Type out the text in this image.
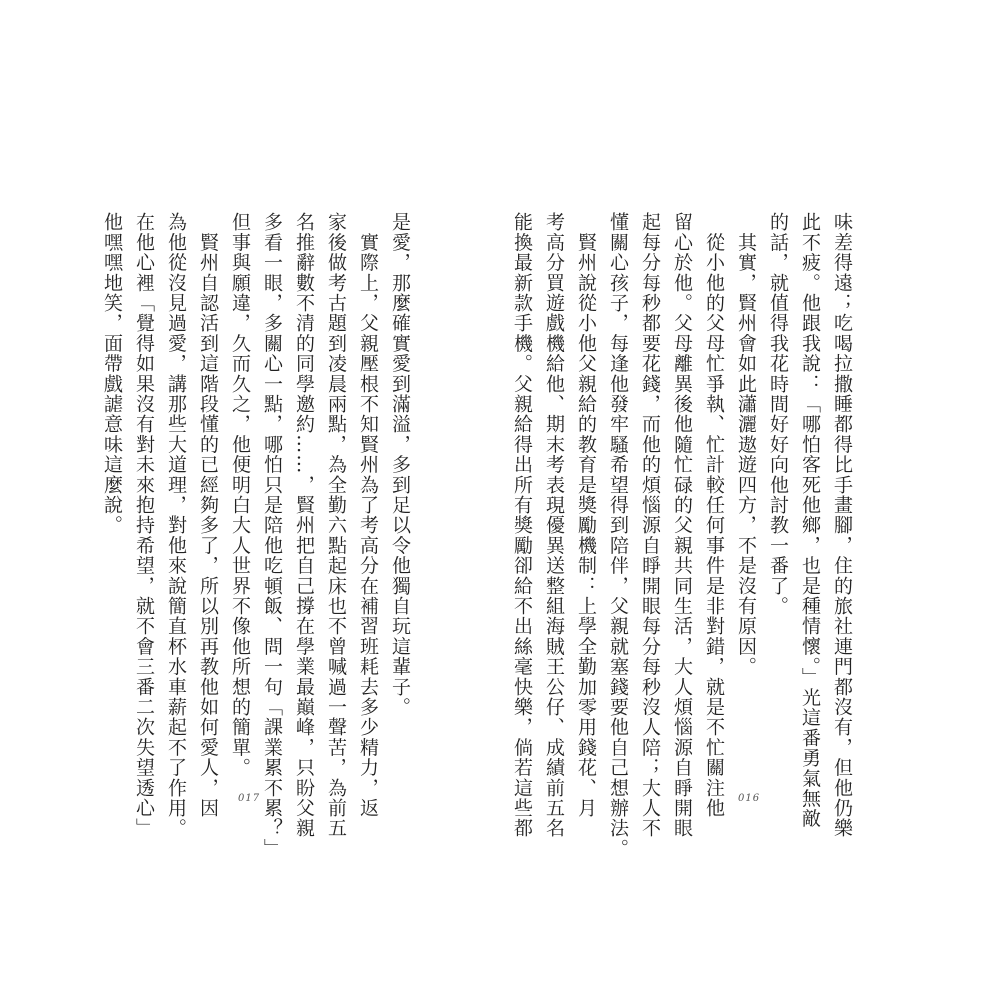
味差得遠；吃喝拉撒睡都得比手畫腳，住的旅社連門都沒有，但他仍樂
此不疲。他跟我說：「哪怕客死他鄉，也是種情懷。」光這番勇氣無敵
的話，就值得我花時間好好向他討教一番了。
　其實，賢州會如此瀟灑遨遊四方，不是沒有原因。
　從小他的父母忙爭執、忙計較任何事件是非對錯，就是不忙關注他
留心於他。父母離異後他隨忙碌的父親共同生活，大人煩惱源自睜開眼
起每分每秒都要花錢，而他的煩惱源自睜開眼每分每秒沒人陪；大人不
懂關心孩子，每逢他發牢騷希望得到陪伴，父親就塞錢要他自己想辦法。
　賢州說從小他父親給的教育是獎勵機制：上學全勤加零用錢花、月
考高分買遊戲機給他、期末考表現優異送整組海賊王公仔、成績前五名
能換最新款手機。父親給得出所有獎勵卻給不出絲毫快樂，倘若這些都	016
是愛，那麼確實愛到滿溢，多到足以令他獨自玩這輩子。
　實際上，父親壓根不知賢州為了考高分在補習班耗去多少精力，返
家後做考古題到凌晨兩點，為全勤六點起床也不曾喊過一聲苦，為前五
名推辭數不清的同學邀約……，賢州把自己撐在學業最巔峰，只盼父親
多看一眼，多關心一點，哪怕只是陪他吃頓飯、問一句「課業累不累？」
但事與願違，久而久之，他便明白大人世界不像他所想的簡單。
　賢州自認活到這階段懂的已經夠多了，所以別再教他如何愛人，因
為他從沒見過愛，講那些大道理，對他來說簡直杯水車薪起不了作用。
在他心裡「覺得如果沒有對未來抱持希望，就不會三番二次失望透心」
他嘿嘿地笑，面帶戲謔意味這麼說。
017
